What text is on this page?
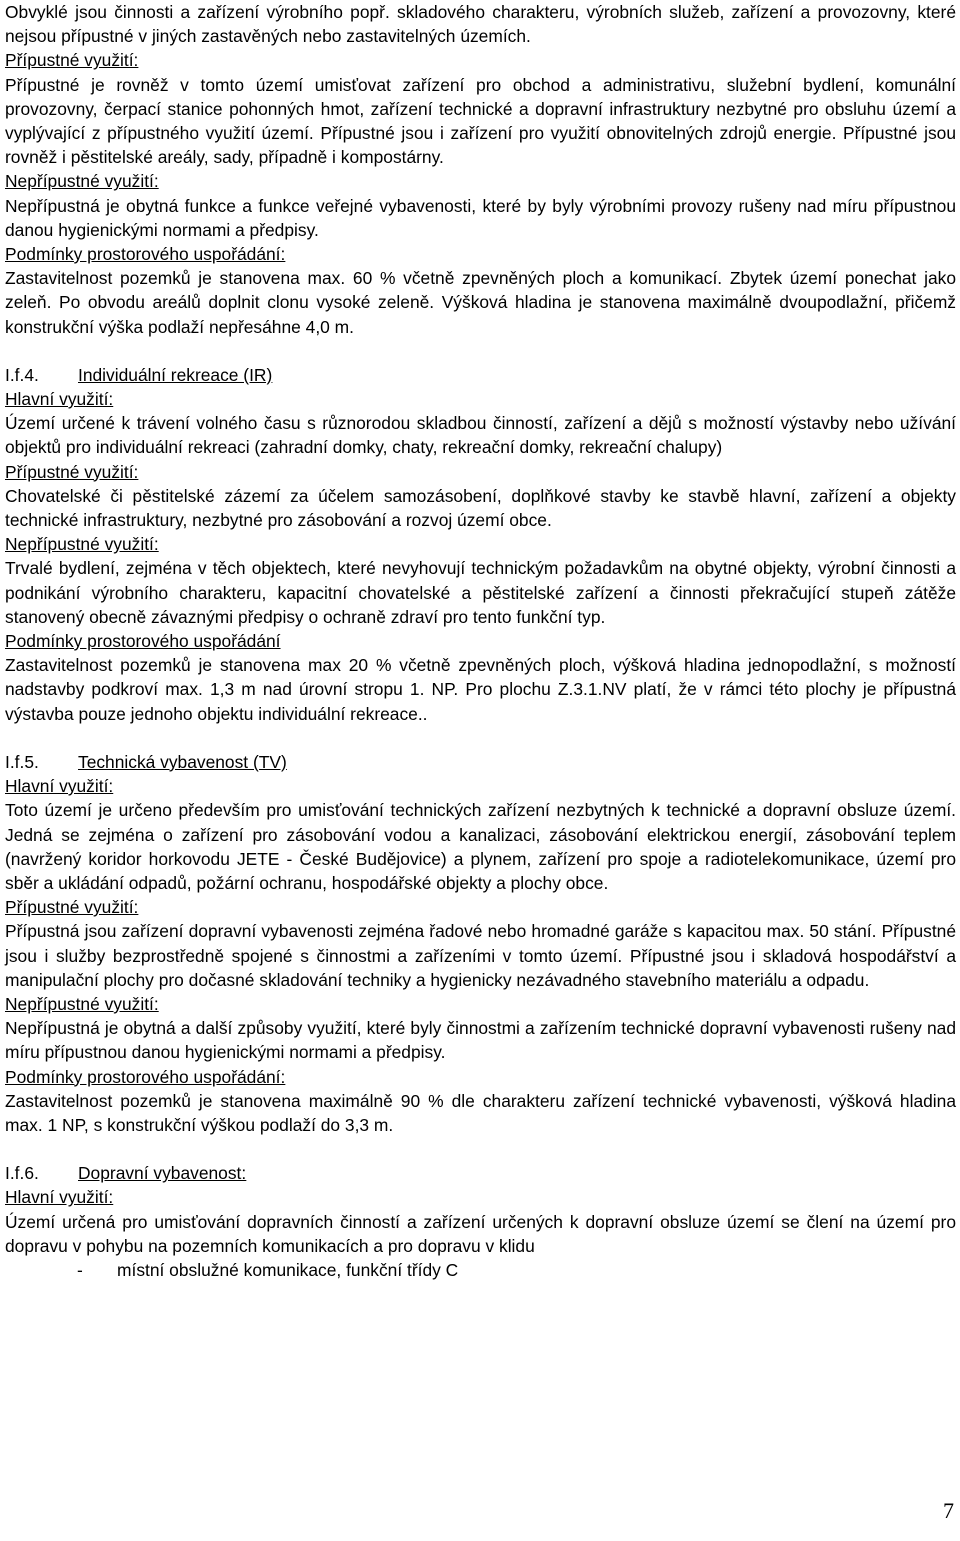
Obvyklé jsou činnosti a zařízení výrobního popř. skladového charakteru, výrobních služeb, zařízení a provozovny, které nejsou přípustné v jiných zastavěných nebo zastavitelných územích.

Přípustné využití:

Přípustné je rovněž v tomto území umisťovat zařízení pro obchod a administrativu, služební bydlení, komunální provozovny, čerpací stanice pohonných hmot, zařízení technické a dopravní infrastruktury nezbytné pro obsluhu území a vyplývající z přípustného využití území. Přípustné jsou i zařízení pro využití obnovitelných zdrojů energie. Přípustné jsou rovněž i pěstitelské areály, sady, případně i kompostárny.

Nepřípustné využití:

Nepřípustná je obytná funkce a funkce veřejné vybavenosti, které by byly výrobními provozy rušeny nad míru přípustnou danou hygienickými normami a předpisy.

Podmínky prostorového uspořádání:

Zastavitelnost pozemků je stanovena max. 60 % včetně zpevněných ploch a komunikací. Zbytek území ponechat jako zeleň. Po obvodu areálů doplnit clonu vysoké zeleně. Výšková hladina je stanovena maximálně dvoupodlažní, přičemž konstrukční výška podlaží nepřesáhne 4,0 m.

I.f.4. Individuální rekreace (IR)

Hlavní využití:

Území určené k trávení volného času s různorodou skladbou činností, zařízení a dějů s možností výstavby nebo užívání objektů pro individuální rekreaci (zahradní domky, chaty, rekreační domky, rekreační chalupy)

Přípustné využití:

Chovatelské či pěstitelské zázemí za účelem samozásobení, doplňkové stavby ke stavbě hlavní, zařízení a objekty technické infrastruktury, nezbytné pro zásobování a rozvoj území obce.

Nepřípustné využití:

Trvalé bydlení, zejména v těch objektech, které nevyhovují technickým požadavkům na obytné objekty, výrobní činnosti a podnikání výrobního charakteru, kapacitní chovatelské a pěstitelské zařízení a činnosti překračující stupeň zátěže stanovený obecně závaznými předpisy o ochraně zdraví pro tento funkční typ.

Podmínky prostorového uspořádání

Zastavitelnost pozemků je stanovena max 20 % včetně zpevněných ploch, výšková hladina jednopodlažní, s možností nadstavby podkroví max. 1,3 m nad úrovní stropu 1. NP. Pro plochu Z.3.1.NV platí, že v rámci této plochy je přípustná výstavba pouze jednoho objektu individuální rekreace..

I.f.5. Technická vybavenost (TV)

Hlavní využití:

Toto území je určeno především pro umisťování technických zařízení nezbytných k technické a dopravní obsluze území. Jedná se zejména o zařízení pro zásobování vodou a kanalizaci, zásobování elektrickou energií, zásobování teplem (navržený koridor horkovodu JETE - České Budějovice) a plynem, zařízení pro spoje a radiotelekomunikace, území pro sběr a ukládání odpadů, požární ochranu, hospodářské objekty a plochy obce.

Přípustné využití:

Přípustná jsou zařízení dopravní vybavenosti zejména řadové nebo hromadné garáže s kapacitou max. 50 stání. Přípustné jsou i služby bezprostředně spojené s činnostmi a zařízeními v tomto území. Přípustné jsou i skladová hospodářství a manipulační plochy pro dočasné skladování techniky a hygienicky nezávadného stavebního materiálu a odpadu.

Nepřípustné využití:

Nepřípustná je obytná a další způsoby využití, které byly činnostmi a zařízením technické dopravní vybavenosti rušeny nad míru přípustnou danou hygienickými normami a předpisy.

Podmínky prostorového uspořádání:

Zastavitelnost pozemků je stanovena maximálně 90 % dle charakteru zařízení technické vybavenosti, výšková hladina max. 1 NP, s konstrukční výškou podlaží do 3,3 m.

I.f.6. Dopravní vybavenost:

Hlavní využití:

Území určená pro umisťování dopravních činností a zařízení určených k dopravní obsluze území se člení na území pro dopravu v pohybu na pozemních komunikacích a pro dopravu v klidu

- místní obslužné komunikace, funkční třídy C

7
